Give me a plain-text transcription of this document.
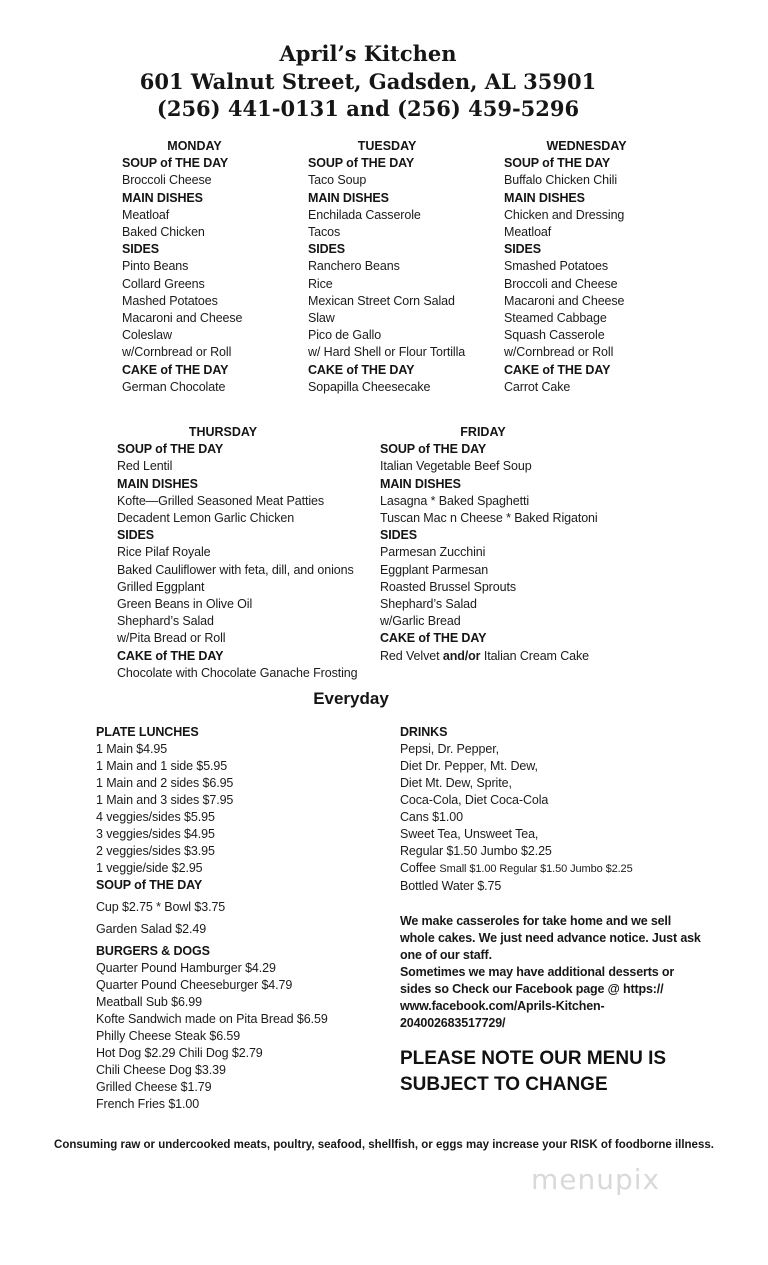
April’s Kitchen
601 Walnut Street, Gadsden, AL 35901
(256) 441-0131 and (256) 459-5296
MONDAY
SOUP of THE DAY
Broccoli Cheese
MAIN DISHES
Meatloaf
Baked Chicken
SIDES
Pinto Beans
Collard Greens
Mashed Potatoes
Macaroni and Cheese
Coleslaw
w/Cornbread or Roll
CAKE of THE DAY
German Chocolate
TUESDAY
SOUP of THE DAY
Taco Soup
MAIN DISHES
Enchilada Casserole
Tacos
SIDES
Ranchero Beans
Rice
Mexican Street Corn Salad
Slaw
Pico de Gallo
w/ Hard Shell or Flour Tortilla
CAKE of THE DAY
Sopapilla Cheesecake
WEDNESDAY
SOUP of THE DAY
Buffalo Chicken Chili
MAIN DISHES
Chicken and Dressing
Meatloaf
SIDES
Smashed Potatoes
Broccoli and Cheese
Macaroni and Cheese
Steamed Cabbage
Squash Casserole
w/Cornbread or Roll
CAKE of THE DAY
Carrot Cake
THURSDAY
SOUP of THE DAY
Red Lentil
MAIN DISHES
Kofte—Grilled Seasoned Meat Patties
Decadent Lemon Garlic Chicken
SIDES
Rice Pilaf Royale
Baked Cauliflower with feta, dill, and onions
Grilled Eggplant
Green Beans in Olive Oil
Shephard’s Salad
w/Pita Bread or Roll
CAKE of THE DAY
Chocolate with Chocolate Ganache Frosting
FRIDAY
SOUP of THE DAY
Italian Vegetable Beef Soup
MAIN DISHES
Lasagna * Baked Spaghetti
Tuscan Mac n Cheese * Baked Rigatoni
SIDES
Parmesan Zucchini
Eggplant Parmesan
Roasted Brussel Sprouts
Shephard’s Salad
w/Garlic Bread
CAKE of THE DAY
Red Velvet and/or Italian Cream Cake
Everyday
PLATE LUNCHES
1 Main $4.95
1 Main and 1 side $5.95
1 Main and 2 sides $6.95
1 Main and 3 sides $7.95
4 veggies/sides $5.95
3 veggies/sides $4.95
2 veggies/sides $3.95
1 veggie/side $2.95
SOUP of THE DAY
Cup $2.75 * Bowl $3.75
Garden Salad $2.49
BURGERS & DOGS
Quarter Pound Hamburger $4.29
Quarter Pound Cheeseburger $4.79
Meatball Sub $6.99
Kofte Sandwich made on Pita Bread $6.59
Philly Cheese Steak $6.59
Hot Dog $2.29 Chili Dog $2.79
Chili Cheese Dog $3.39
Grilled Cheese $1.79
French Fries $1.00
DRINKS
Pepsi, Dr. Pepper,
Diet Dr. Pepper, Mt. Dew,
Diet Mt. Dew, Sprite,
Coca-Cola, Diet Coca-Cola
Cans $1.00
Sweet Tea, Unsweet Tea,
Regular $1.50 Jumbo $2.25
Coffee Small $1.00 Regular $1.50 Jumbo $2.25
Bottled Water $.75
We make casseroles for take home and we sell
whole cakes. We just need advance notice. Just ask
one of our staff.
Sometimes we may have additional desserts or
sides so Check our Facebook page @ https://
www.facebook.com/Aprils-Kitchen-
204002683517729/
PLEASE NOTE OUR MENU IS SUBJECT TO CHANGE
Consuming raw or undercooked meats, poultry, seafood, shellfish, or eggs may increase your RISK of foodborne illness.
menupix
